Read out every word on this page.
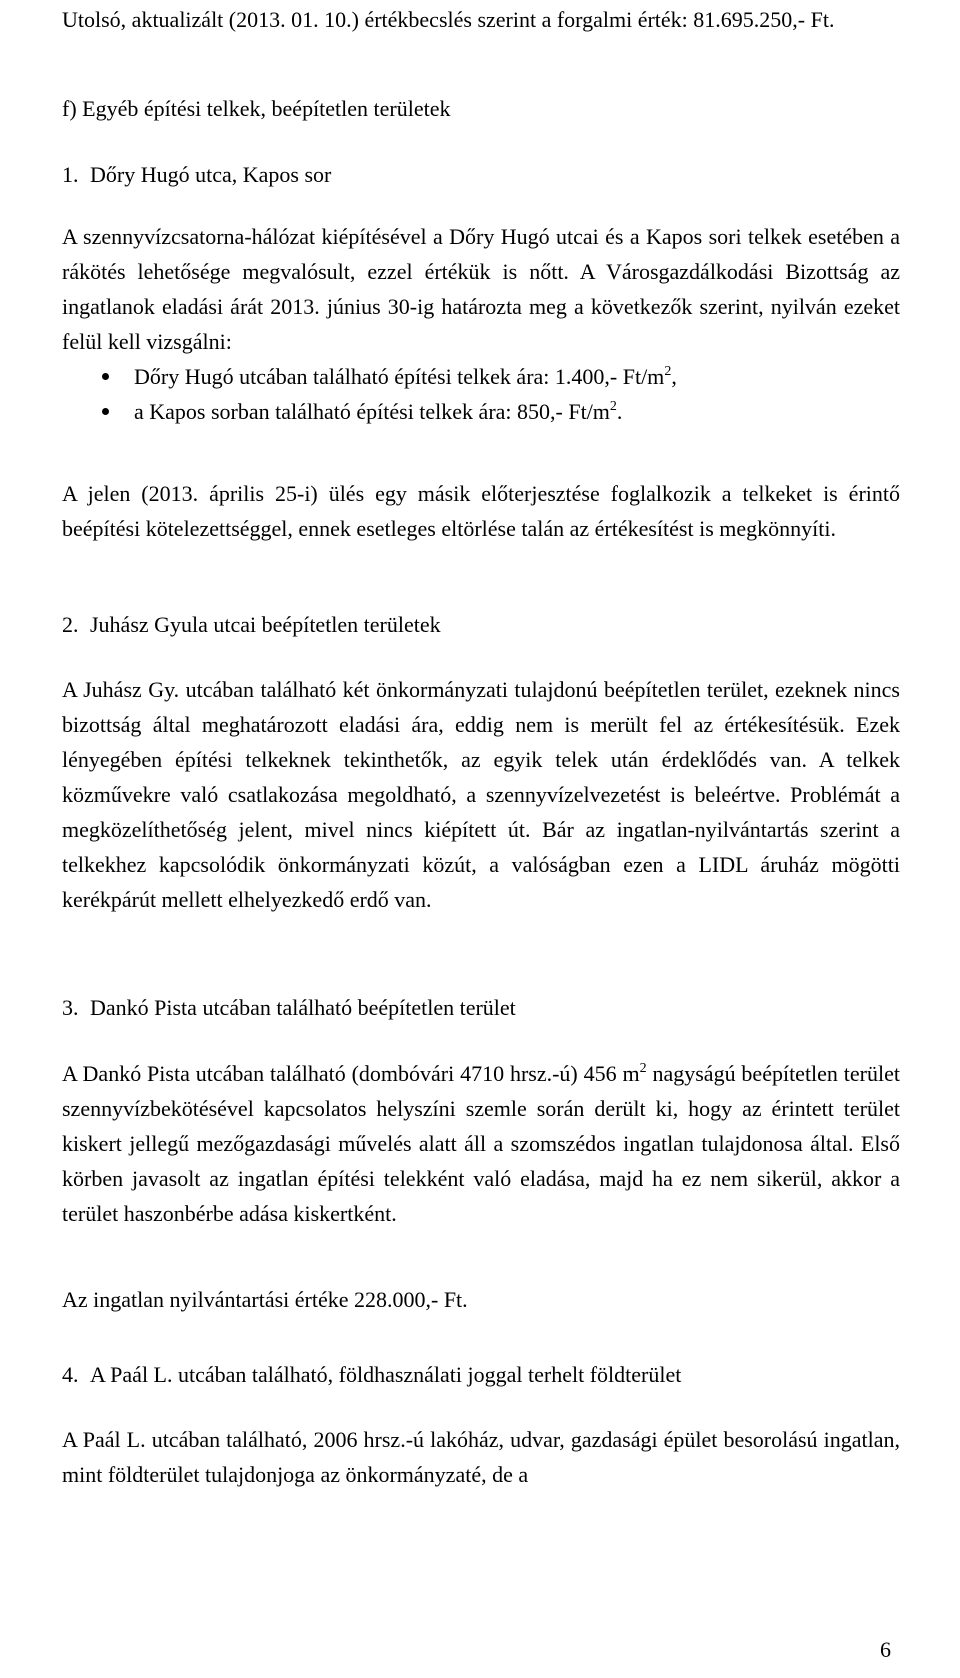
Utolsó, aktualizált (2013. 01. 10.) értékbecslés szerint a forgalmi érték: 81.695.250,- Ft.

f) Egyéb építési telkek, beépítetlen területek

1. Dőry Hugó utca, Kapos sor

A szennyvízcsatorna-hálózat kiépítésével a Dőry Hugó utcai és a Kapos sori telkek esetében a rákötés lehetősége megvalósult, ezzel értékük is nőtt. A Városgazdálkodási Bizottság az ingatlanok eladási árát 2013. június 30-ig határozta meg a következők szerint, nyilván ezeket felül kell vizsgálni:

Dőry Hugó utcában található építési telkek ára: 1.400,- $Ft/m^2$,
a Kapos sorban található építési telkek ára: 850,- $Ft/m^2$.

A jelen (2013. április 25-i) ülés egy másik előterjesztése foglalkozik a telkeket is érintő beépítési kötelezettséggel, ennek esetleges eltörlése talán az értékesítést is megkönnyíti.

2. Juhász Gyula utcai beépítetlen területek

A Juhász Gy. utcában található két önkormányzati tulajdonú beépítetlen terület, ezeknek nincs bizottság által meghatározott eladási ára, eddig nem is merült fel az értékesítésük. Ezek lényegében építési telkeknek tekinthetők, az egyik telek után érdeklődés van. A telkek közművekre való csatlakozása megoldható, a szennyvízelvezetést is beleértve. Problémát a megközelíthetőség jelent, mivel nincs kiépített út. Bár az ingatlan-nyilvántartás szerint a telkekhez kapcsolódik önkormányzati közút, a valóságban ezen a LIDL áruház mögötti kerékpárút mellett elhelyezkedő erdő van.

3. Dankó Pista utcában található beépítetlen terület

A Dankó Pista utcában található (dombóvári 4710 hrsz.-ú) 456 $m^2$ nagyságú beépítetlen terület szennyvízbekötésével kapcsolatos helyszíni szemle során derült ki, hogy az érintett terület kiskert jellegű mezőgazdasági művelés alatt áll a szomszédos ingatlan tulajdonosa által. Első körben javasolt az ingatlan építési telekként való eladása, majd ha ez nem sikerül, akkor a terület haszonbérbe adása kiskertként.

Az ingatlan nyilvántartási értéke 228.000,- Ft.

4. A Paál L. utcában található, földhasználati joggal terhelt földterület

A Paál L. utcában található, 2006 hrsz.-ú lakóház, udvar, gazdasági épület besorolású ingatlan, mint földterület tulajdonjoga az önkormányzaté, de a

6
